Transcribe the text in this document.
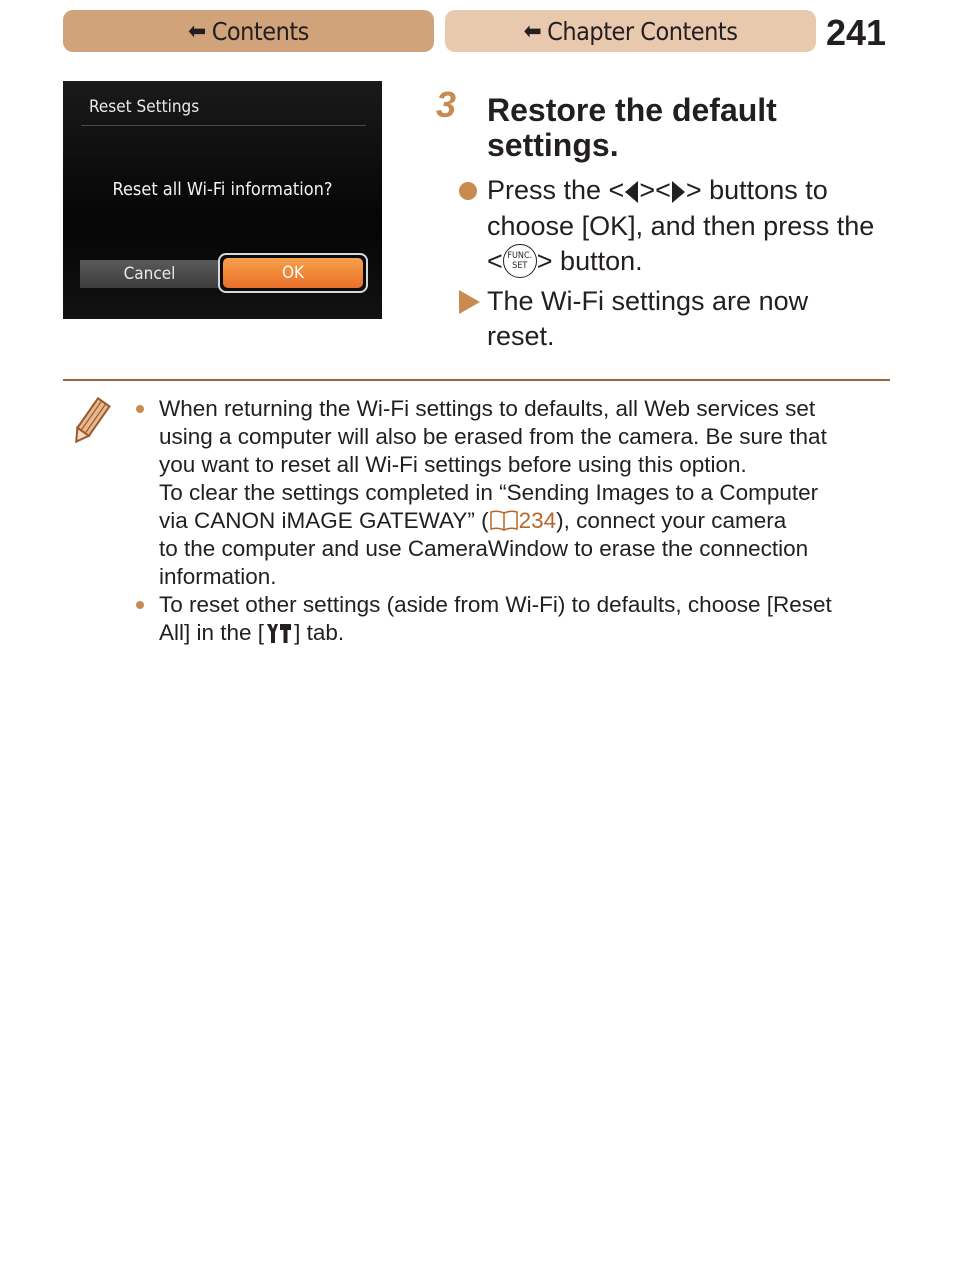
⬅ Contents	⬅ Chapter Contents 241
Reset Settings
Reset all Wi-Fi information?
Cancel	OK
3 Restore the default settings.
Press the < >< > buttons to
choose [OK], and then press the
< FUNC.
SET > button.
The Wi-Fi settings are now
reset.
When returning the Wi-Fi settings to defaults, all Web services set
using a computer will also be erased from the camera. Be sure that
you want to reset all Wi-Fi settings before using this option.
To clear the settings completed in “Sending Images to a Computer
via CANON iMAGE GATEWAY” ( 234), connect your camera
to the computer and use CameraWindow to erase the connection
information.
To reset other settings (aside from Wi-Fi) to defaults, choose [Reset
All] in the [ ] tab.
